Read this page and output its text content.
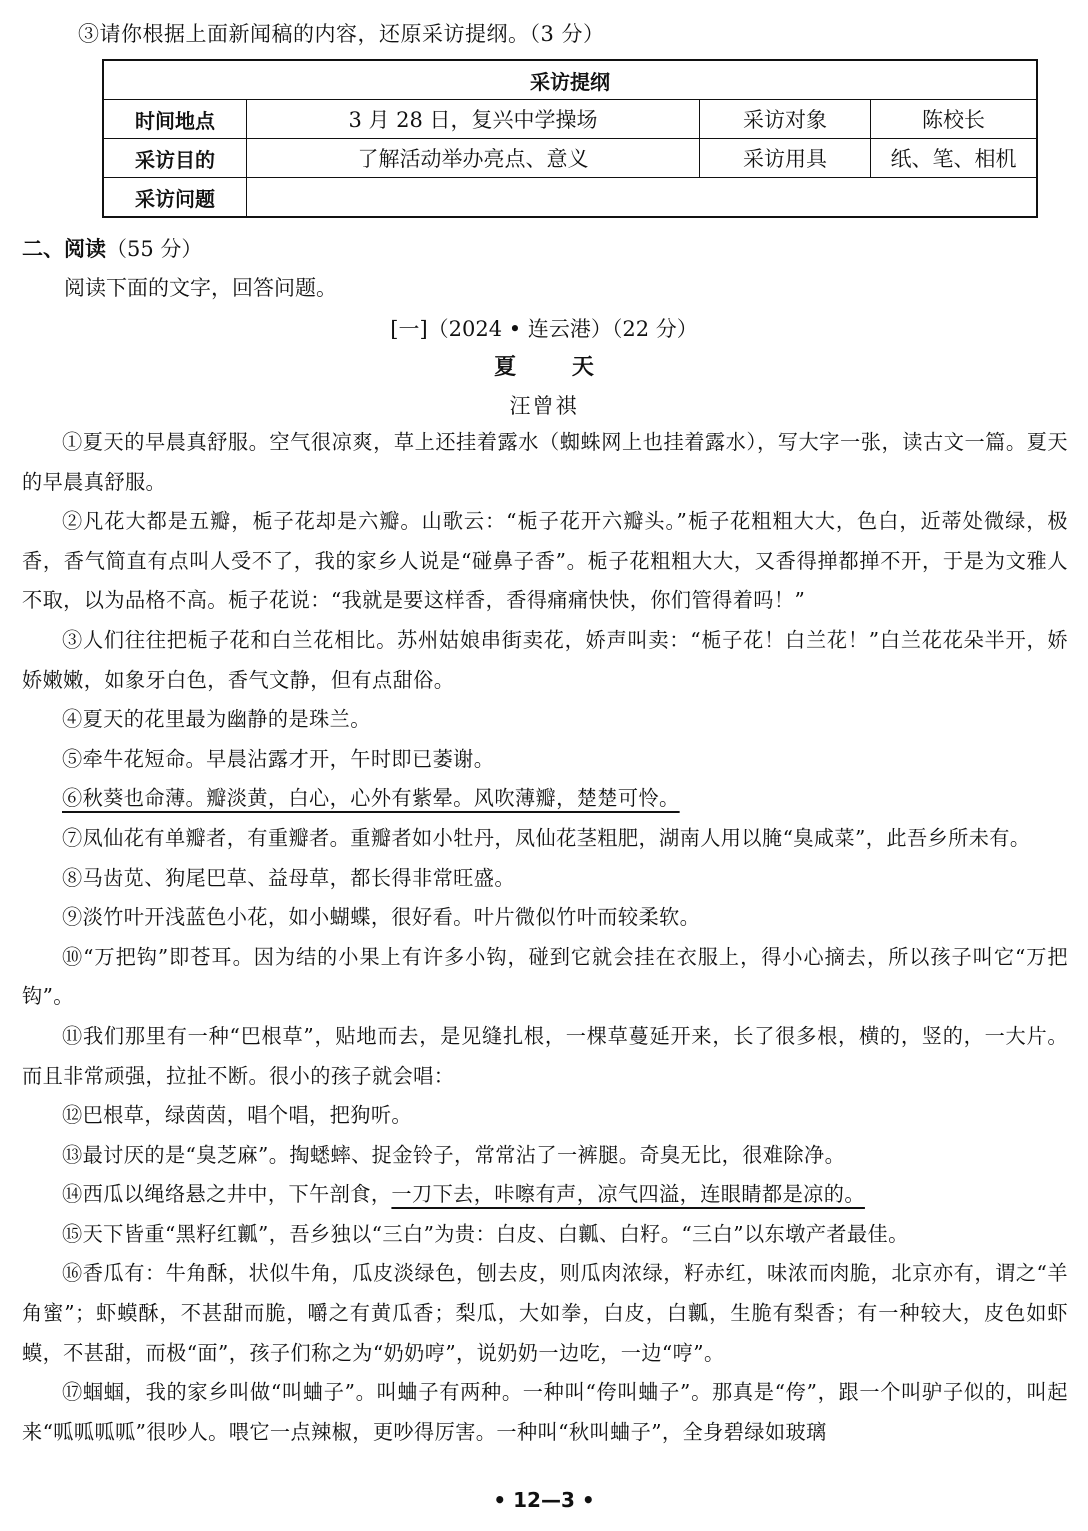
③请你根据上面新闻稿的内容，还原采访提纲。（3 分）
采访提纲			
时间地点	3 月 28 日，复兴中学操场	采访对象	陈校长
采访目的	了解活动举办亮点、意义	采访用具	纸、笔、相机
采访问题			
二、阅读（55 分）
阅读下面的文字，回答问题。
[一]（2024 • 连云港）（22 分）
夏 天
汪曾祺

①夏天的早晨真舒服。空气很凉爽，草上还挂着露水（蜘蛛网上也挂着露水），写大字一张，读古文一篇。夏天的早晨真舒服。

②凡花大都是五瓣，栀子花却是六瓣。山歌云：“栀子花开六瓣头。”栀子花粗粗大大，色白，近蒂处微绿，极香，香气简直有点叫人受不了，我的家乡人说是“碰鼻子香”。栀子花粗粗大大，又香得掸都掸不开，于是为文雅人不取，以为品格不高。栀子花说：“我就是要这样香，香得痛痛快快，你们管得着吗！”

③人们往往把栀子花和白兰花相比。苏州姑娘串街卖花，娇声叫卖：“栀子花！白兰花！”白兰花花朵半开，娇娇嫩嫩，如象牙白色，香气文静，但有点甜俗。

④夏天的花里最为幽静的是珠兰。

⑤牵牛花短命。早晨沾露才开，午时即已萎谢。

⑥秋葵也命薄。瓣淡黄，白心，心外有紫晕。风吹薄瓣，楚楚可怜。

⑦凤仙花有单瓣者，有重瓣者。重瓣者如小牡丹，凤仙花茎粗肥，湖南人用以腌“臭咸菜”，此吾乡所未有。

⑧马齿苋、狗尾巴草、益母草，都长得非常旺盛。

⑨淡竹叶开浅蓝色小花，如小蝴蝶，很好看。叶片微似竹叶而较柔软。

⑩“万把钩”即苍耳。因为结的小果上有许多小钩，碰到它就会挂在衣服上，得小心摘去，所以孩子叫它“万把钩”。

⑪我们那里有一种“巴根草”，贴地而去，是见缝扎根，一棵草蔓延开来，长了很多根，横的，竖的，一大片。而且非常顽强，拉扯不断。很小的孩子就会唱：

⑫巴根草，绿茵茵，唱个唱，把狗听。

⑬最讨厌的是“臭芝麻”。掏蟋蟀、捉金铃子，常常沾了一裤腿。奇臭无比，很难除净。

⑭西瓜以绳络悬之井中，下午剖食，一刀下去，咔嚓有声，凉气四溢，连眼睛都是凉的。

⑮天下皆重“黑籽红瓤”，吾乡独以“三白”为贵：白皮、白瓤、白籽。“三白”以东墩产者最佳。

⑯香瓜有：牛角酥，状似牛角，瓜皮淡绿色，刨去皮，则瓜肉浓绿，籽赤红，味浓而肉脆，北京亦有，谓之“羊角蜜”；虾蟆酥，不甚甜而脆，嚼之有黄瓜香；梨瓜，大如拳，白皮，白瓤，生脆有梨香；有一种较大，皮色如虾蟆，不甚甜，而极“面”，孩子们称之为“奶奶哼”，说奶奶一边吃，一边“哼”。

⑰蝈蝈，我的家乡叫做“叫蛐子”。叫蛐子有两种。一种叫“侉叫蛐子”。那真是“侉”，跟一个叫驴子似的，叫起来“呱呱呱呱”很吵人。喂它一点辣椒，更吵得厉害。一种叫“秋叫蛐子”，全身碧绿如玻璃

• 12—3 •
